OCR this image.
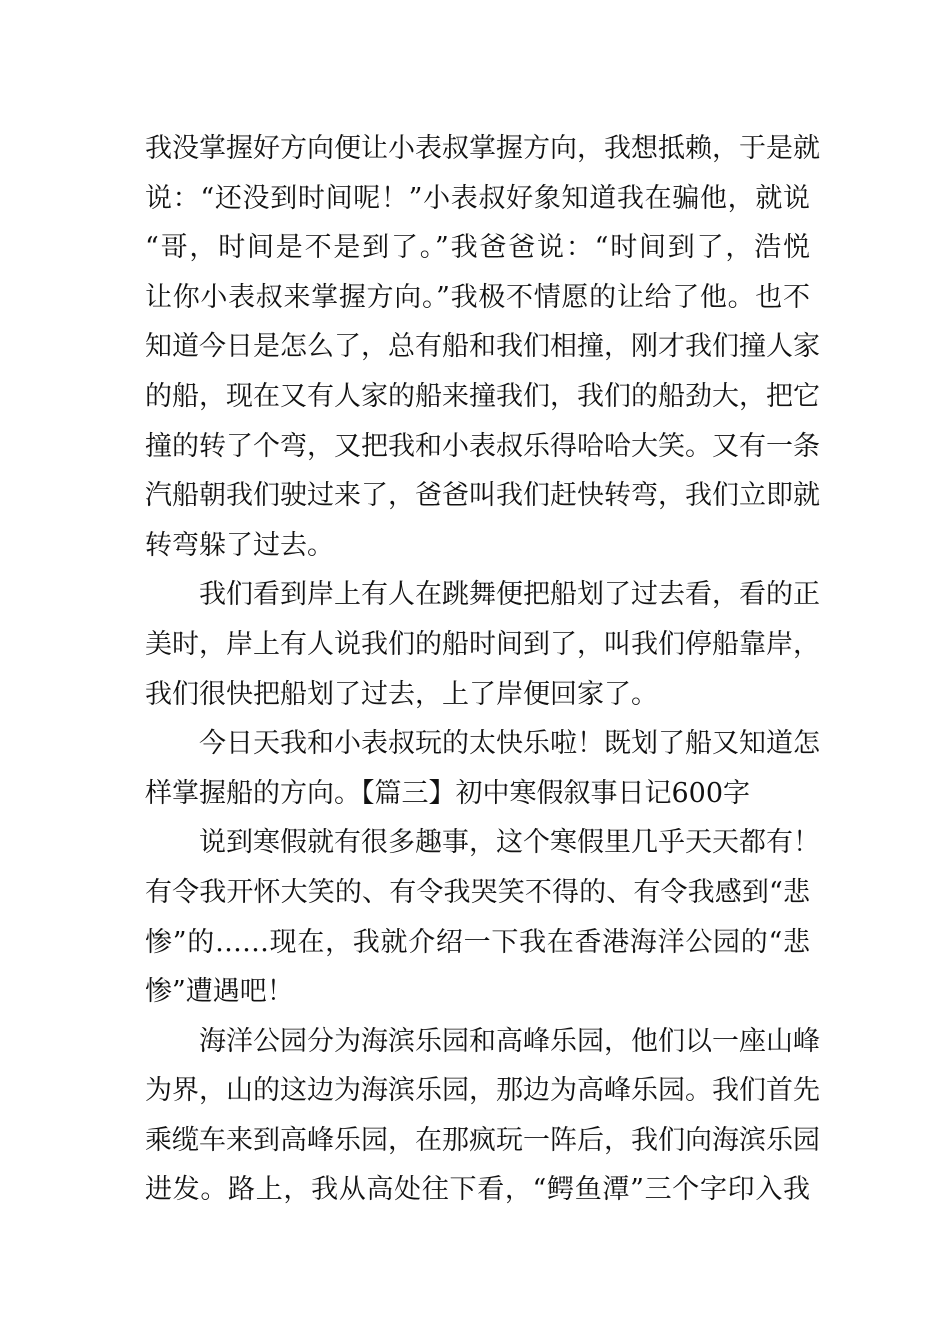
我没掌握好方向便让小表叔掌握方向，我想抵赖，于是就
说：“还没到时间呢！”小表叔好象知道我在骗他，就说
“哥，时间是不是到了。”我爸爸说：“时间到了，浩悦
让你小表叔来掌握方向。”我极不情愿的让给了他。也不
知道今日是怎么了，总有船和我们相撞，刚才我们撞人家
的船，现在又有人家的船来撞我们，我们的船劲大，把它
撞的转了个弯，又把我和小表叔乐得哈哈大笑。又有一条
汽船朝我们驶过来了，爸爸叫我们赶快转弯，我们立即就
转弯躲了过去。
我们看到岸上有人在跳舞便把船划了过去看，看的正
美时，岸上有人说我们的船时间到了，叫我们停船靠岸，
我们很快把船划了过去，上了岸便回家了。
今日天我和小表叔玩的太快乐啦！既划了船又知道怎
样掌握船的方向。【篇三】初中寒假叙事日记600字
说到寒假就有很多趣事，这个寒假里几乎天天都有！
有令我开怀大笑的、有令我哭笑不得的、有令我感到“悲
惨”的……现在，我就介绍一下我在香港海洋公园的“悲
惨”遭遇吧！
海洋公园分为海滨乐园和高峰乐园，他们以一座山峰
为界，山的这边为海滨乐园，那边为高峰乐园。我们首先
乘缆车来到高峰乐园，在那疯玩一阵后，我们向海滨乐园
进发。路上，我从高处往下看，“鳄鱼潭”三个字印入我
